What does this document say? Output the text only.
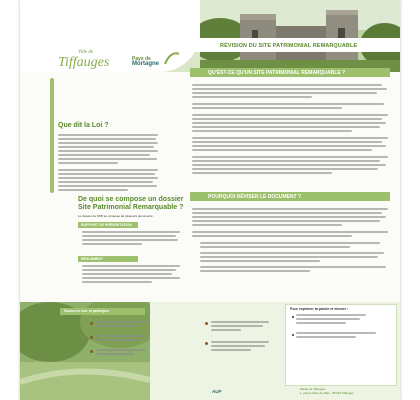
Ville de
Tiffauges	Pays de
Mortagne
RÉVISION DU SITE PATRIMONIAL REMARQUABLE
QU'EST-CE QU'UN SITE PATRIMONIAL REMARQUABLE ?
Que dit la Loi ?
POURQUOI RÉVISER LE DOCUMENT ?
De quoi se compose un dossier Site Patrimonial Remarquable ?
Le dossier de SPR se compose de plusieurs documents :
RAPPORT DE PRÉSENTATION
RÈGLEMENT
Suivez-en voir et participez	Pour exprimer ta parole et donner :
AUP	Mairie de Tiffauges
1, place Gilles de Rais - 85130 Tiffauges
